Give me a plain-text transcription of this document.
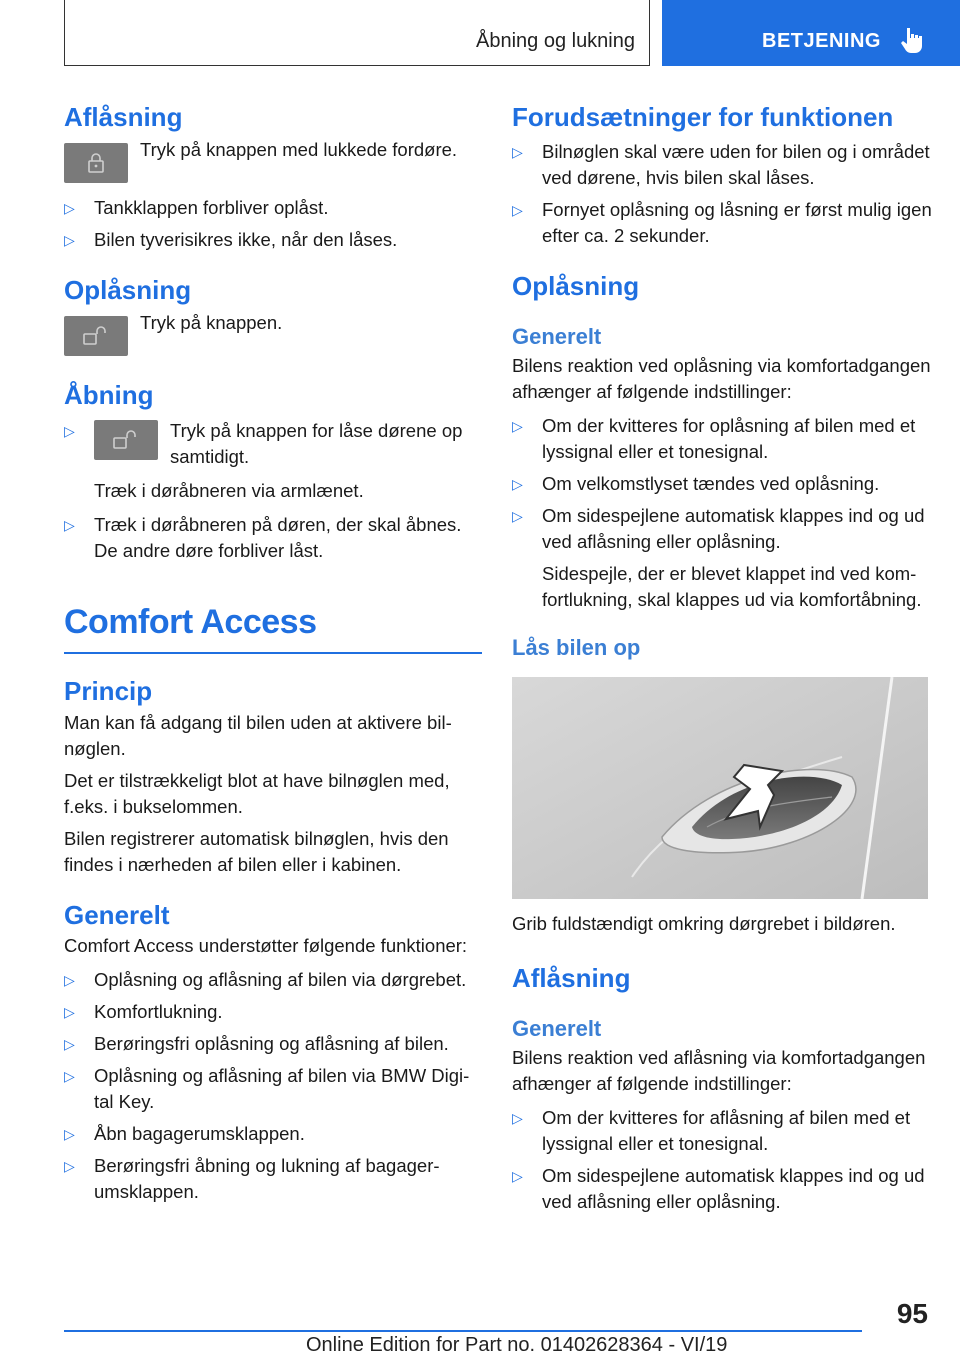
Åbning og lukning	BETJENING
Aflåsning

Tryk på knappen med lukkede fordøre.

▷	Tankklappen forbliver oplåst.

▷	Bilen tyverisikres ikke, når den låses.

Oplåsning

Tryk på knappen.

Åbning
▷	Tryk på knappen for låse dørene op samtidigt.

Træk i døråbneren via armlænet.

▷	Træk i døråbneren på døren, der skal åbnes.

De andre døre forbliver låst.

Comfort Access
Princip

Man kan få adgang til bilen uden at aktivere bilnøglen.

Det er tilstrækkeligt blot at have bilnøglen med, f.eks. i bukselommen.

Bilen registrerer automatisk bilnøglen, hvis den findes i nærheden af bilen eller i kabinen.

Generelt

Comfort Access understøtter følgende funktioner:

▷	Oplåsning og aflåsning af bilen via dørgrebet.

▷	Komfortlukning.

▷	Berøringsfri oplåsning og aflåsning af bilen.

▷	Oplåsning og aflåsning af bilen via BMW Digital Key.

▷	Åbn bagagerumsklappen.

▷	Berøringsfri åbning og lukning af bagagerumsklappen.

Forudsætninger for funktionen
▷	Bilnøglen skal være uden for bilen og i området ved dørene, hvis bilen skal låses.

▷	Fornyet oplåsning og låsning er først mulig igen efter ca. 2 sekunder.

Oplåsning
Generelt

Bilens reaktion ved oplåsning via komfortadgangen afhænger af følgende indstillinger:

▷	Om der kvitteres for oplåsning af bilen med et lyssignal eller et tonesignal.

▷	Om velkomstlyset tændes ved oplåsning.

▷	Om sidespejlene automatisk klappes ind og ud ved aflåsning eller oplåsning.

Sidespejle, der er blevet klappet ind ved komfortlukning, skal klappes ud via komfortåbning.

Lås bilen op

Grib fuldstændigt omkring dørgrebet i bildøren.

Aflåsning
Generelt

Bilens reaktion ved aflåsning via komfortadgangen afhænger af følgende indstillinger:

▷	Om der kvitteres for aflåsning af bilen med et lyssignal eller et tonesignal.

▷	Om sidespejlene automatisk klappes ind og ud ved aflåsning eller oplåsning.

95
Online Edition for Part no. 01402628364 - VI/19
